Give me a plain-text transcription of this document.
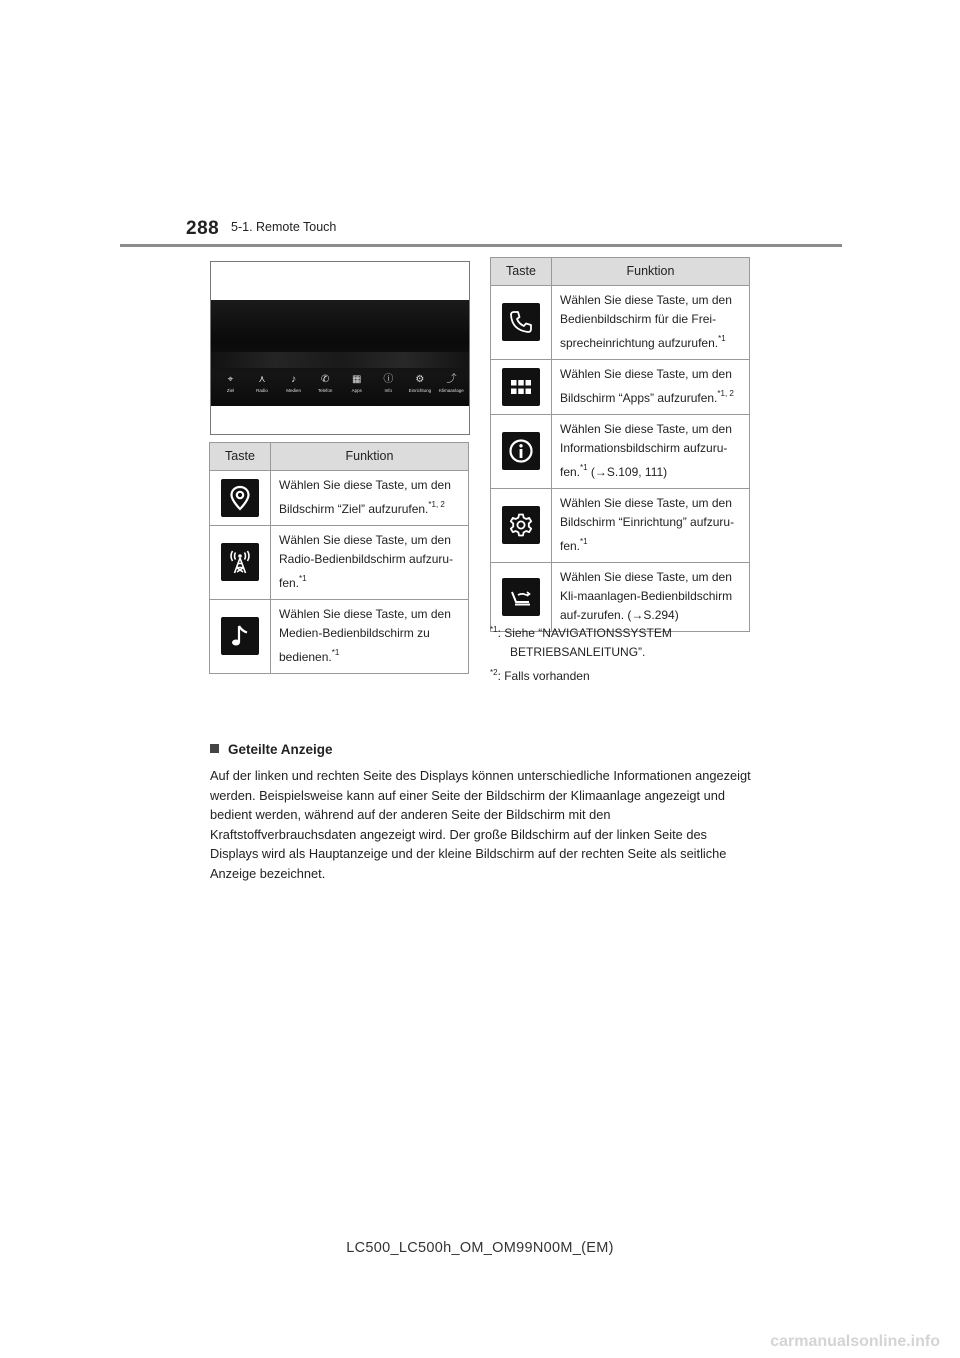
288 5-1. Remote Touch
⌖
Ziel
⋏
Radio
♪
Medien
✆
Telefon
▦
Apps
ⓘ
Info
⚙
Einrichtung
⤴
Klimaanlage
Taste	Funktion

	Wählen Sie diese Taste, um den Bildschirm “Ziel” aufzurufen.$^{*1, 2}$

	Wählen Sie diese Taste, um den Radio-Bedienbildschirm aufzuru-fen.$^{*1}$

	Wählen Sie diese Taste, um den Medien-Bedienbildschirm zu bedienen.$^{*1}$
Taste	Funktion

	Wählen Sie diese Taste, um den Bedienbildschirm für die Frei-sprecheinrichtung aufzurufen.$^{*1}$

	Wählen Sie diese Taste, um den Bildschirm “Apps” aufzurufen.$^{*1, 2}$

	Wählen Sie diese Taste, um den Informationsbildschirm aufzuru-fen.$^{*1}$ (→S.109, 111)

	Wählen Sie diese Taste, um den Bildschirm “Einrichtung” aufzuru-fen.$^{*1}$

	Wählen Sie diese Taste, um den Kli-maanlagen-Bedienbildschirm auf-zurufen. (→S.294)
$^{*1}$: Siehe “NAVIGATIONSSYSTEM
BETRIEBSANLEITUNG”.
$^{*2}$: Falls vorhanden
Geteilte Anzeige
Auf der linken und rechten Seite des Displays können unterschiedliche Informationen angezeigt werden. Beispielsweise kann auf einer Seite der Bildschirm der Klimaanlage angezeigt und bedient werden, während auf der anderen Seite der Bildschirm mit den Kraftstoffverbrauchsdaten angezeigt wird. Der große Bildschirm auf der linken Seite des Displays wird als Hauptanzeige und der kleine Bildschirm auf der rechten Seite als seitliche Anzeige bezeichnet.
LC500_LC500h_OM_OM99N00M_(EM)
carmanualsonline.info
